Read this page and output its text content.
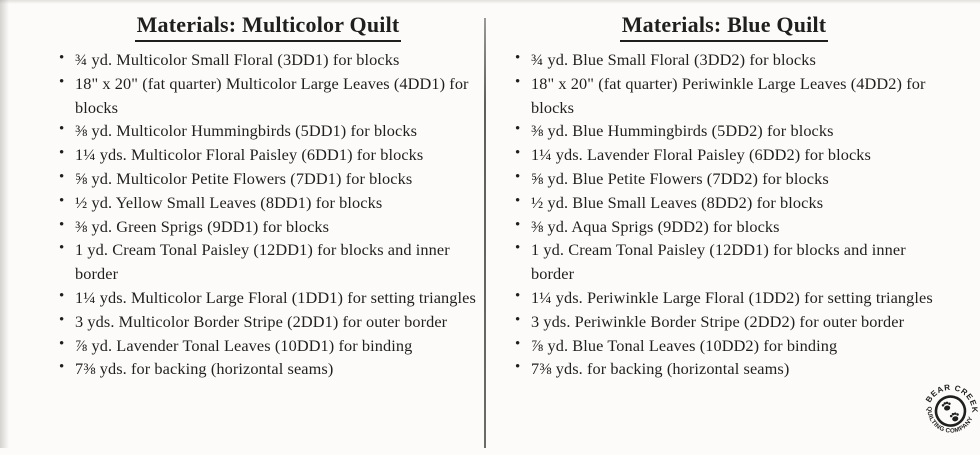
Materials: Multicolor Quilt
• ¾ yd. Multicolor Small Floral (3DD1) for blocks
• 18" x 20" (fat quarter) Multicolor Large Leaves (4DD1) for blocks
• ⅜ yd. Multicolor Hummingbirds (5DD1) for blocks
• 1¼ yds. Multicolor Floral Paisley (6DD1) for blocks
• ⅝ yd. Multicolor Petite Flowers (7DD1) for blocks
• ½ yd. Yellow Small Leaves (8DD1) for blocks
• ⅜ yd. Green Sprigs (9DD1) for blocks
• 1 yd. Cream Tonal Paisley (12DD1) for blocks and inner border
• 1¼ yds. Multicolor Large Floral (1DD1) for setting triangles
• 3 yds. Multicolor Border Stripe (2DD1) for outer border
• ⅞ yd. Lavender Tonal Leaves (10DD1) for binding
• 7⅜ yds. for backing (horizontal seams)
Materials: Blue Quilt
• ¾ yd. Blue Small Floral (3DD2) for blocks
• 18" x 20" (fat quarter) Periwinkle Large Leaves (4DD2) for blocks
• ⅜ yd. Blue Hummingbirds (5DD2) for blocks
• 1¼ yds. Lavender Floral Paisley (6DD2) for blocks
• ⅝ yd. Blue Petite Flowers (7DD2) for blocks
• ½ yd. Blue Small Leaves (8DD2) for blocks
• ⅜ yd. Aqua Sprigs (9DD2) for blocks
• 1 yd. Cream Tonal Paisley (12DD1) for blocks and inner border
• 1¼ yds. Periwinkle Large Floral (1DD2) for setting triangles
• 3 yds. Periwinkle Border Stripe (2DD2) for outer border
• ⅞ yd. Blue Tonal Leaves (10DD2) for binding
• 7⅜ yds. for backing (horizontal seams)
BEAR CREEK
QUILTING COMPANY
